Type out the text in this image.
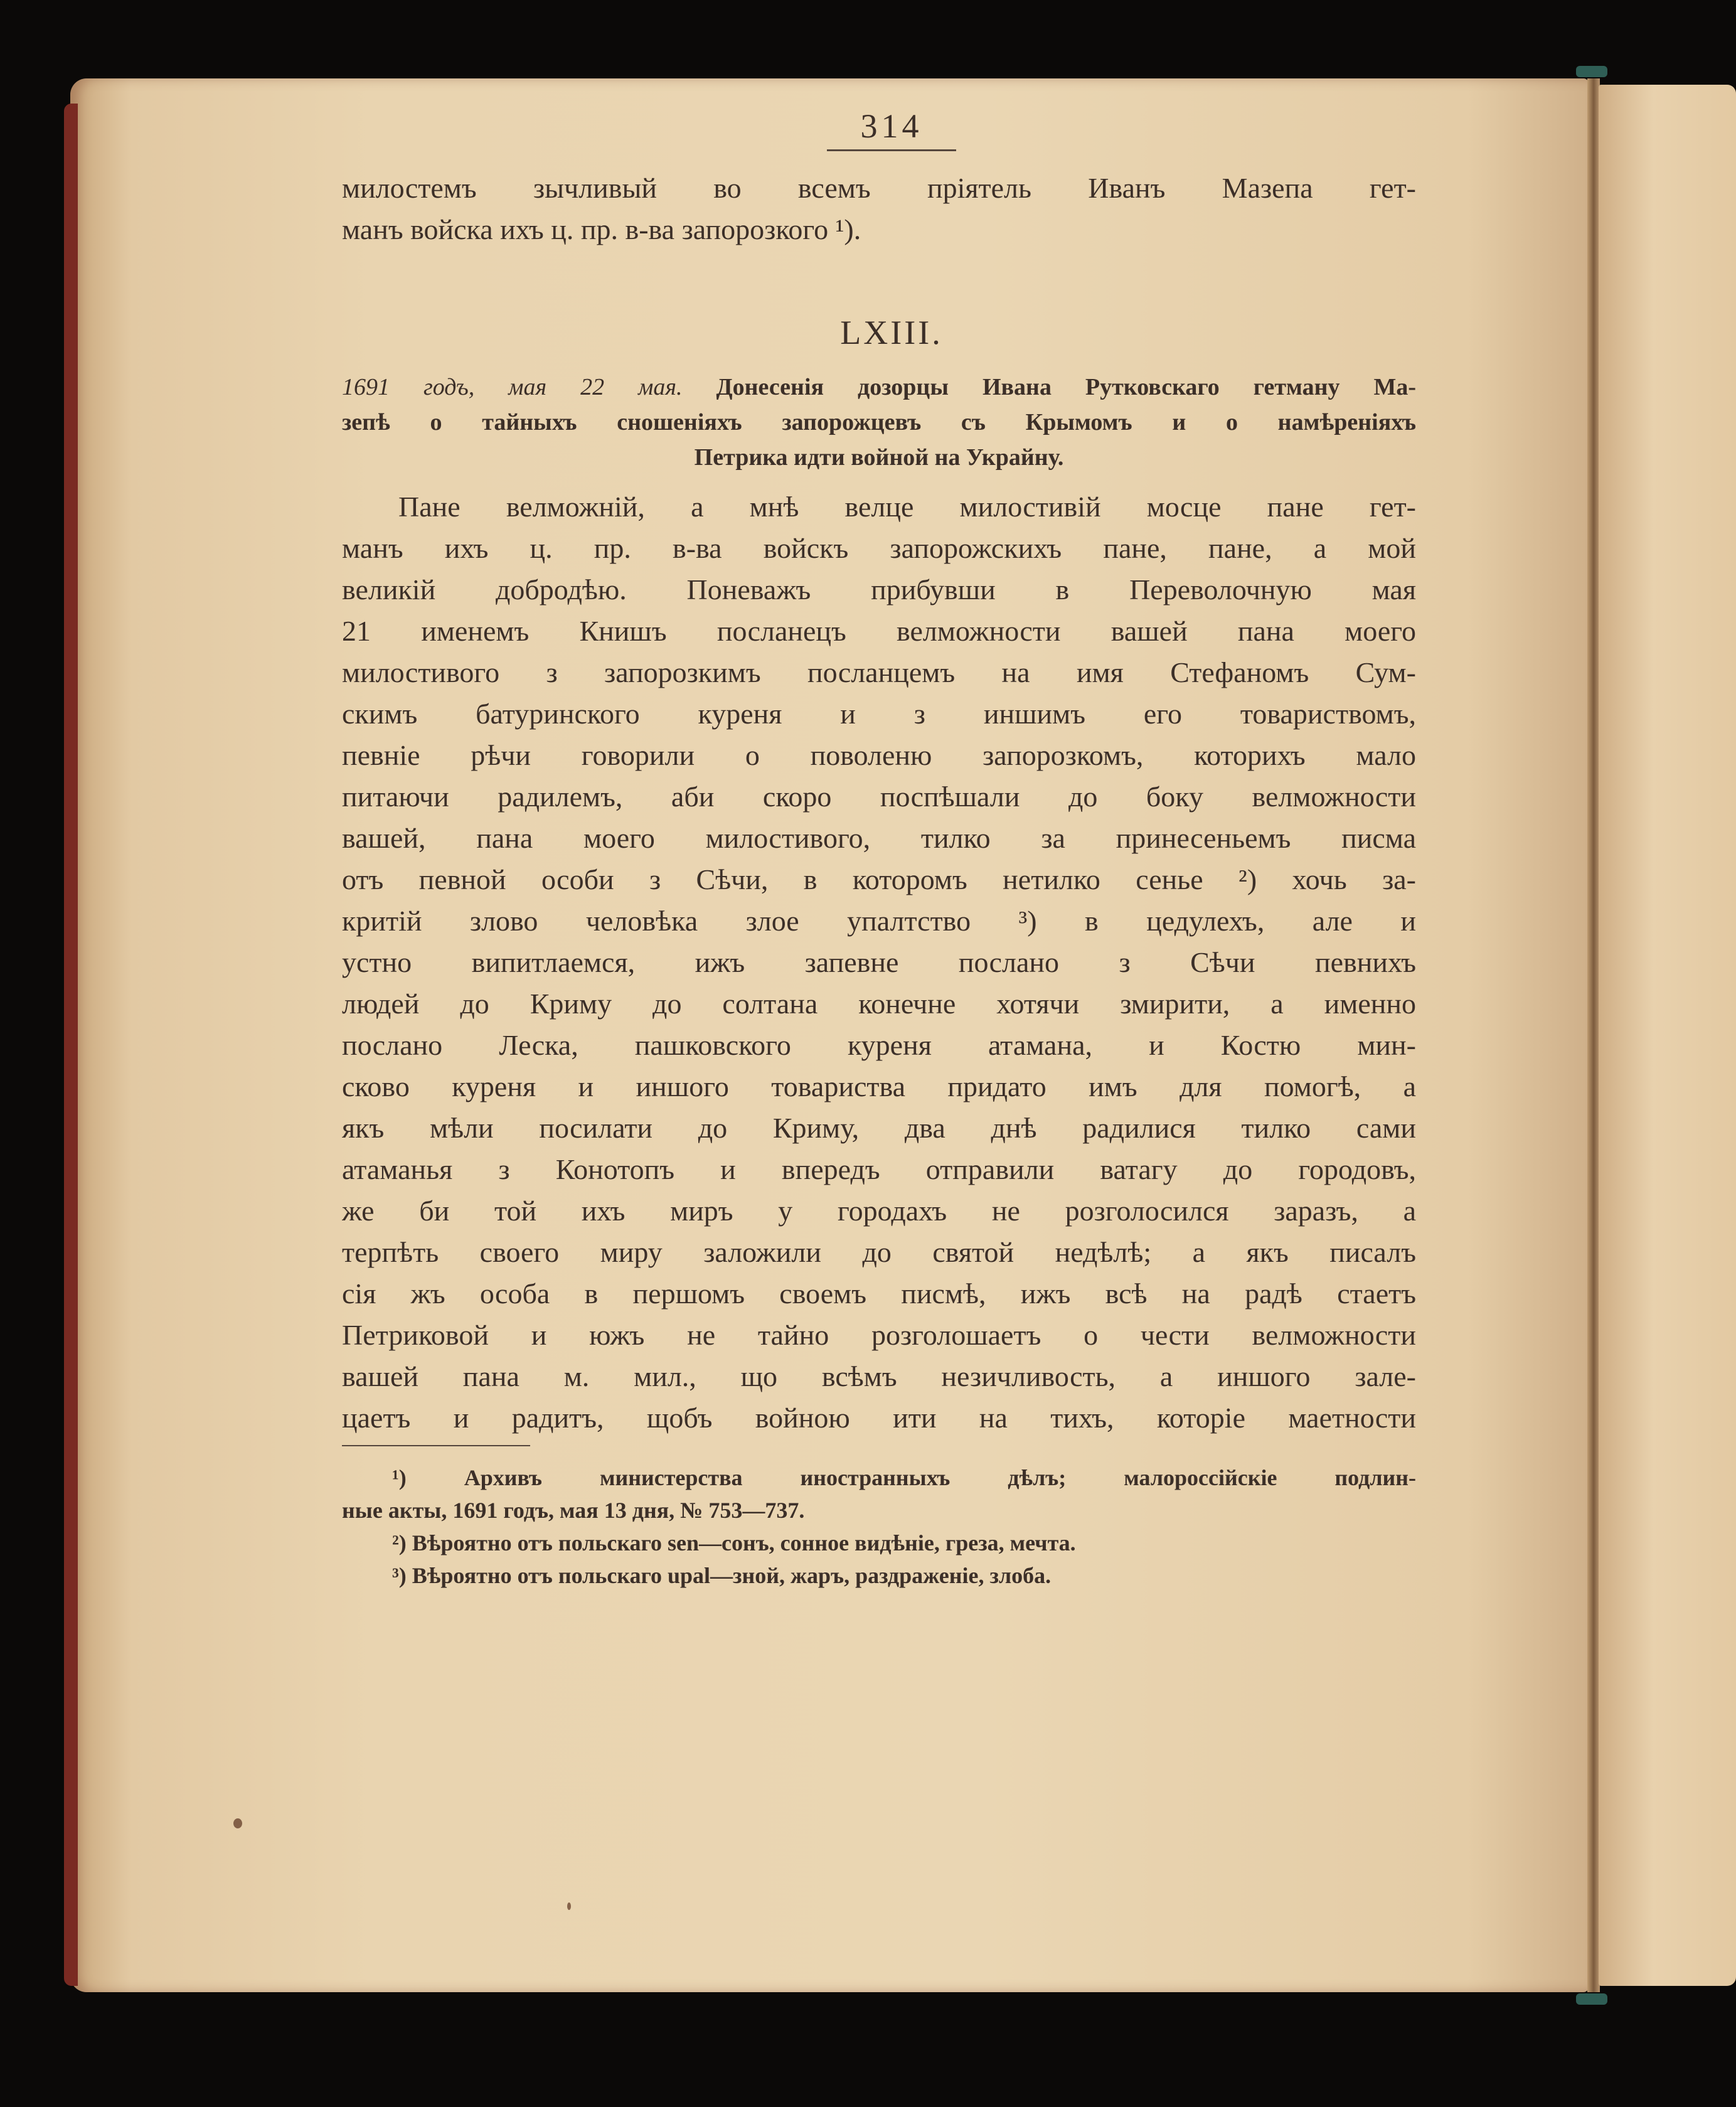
314
милостемъ зычливый во всемъ прiятель Иванъ Мазепа гет-
манъ войска ихъ ц. пр. в-ва запорозкого ¹).
LXIII.
1691 годъ, мая 22 мая. Донесенiя дозорцы Ивана Рутковскаго гетману Ма-
зепѣ о тайныхъ сношенiяхъ запорожцевъ съ Крымомъ и о намѣренiяхъ
Петрика идти войной на Украйну.
Пане велможнiй, а мнѣ велце милостивiй мосце пане гет-
манъ ихъ ц. пр. в-ва войскъ запорожскихъ пане, пане, а мой
великiй добродѣю. Поневажъ прибувши в Переволочную мая
21 именемъ Книшъ посланецъ велможности вашей пана моего
милостивого з запорозкимъ посланцемъ на имя Стефаномъ Сум-
скимъ батуринского куреня и з иншимъ его товариствомъ,
певнiе рѣчи говорили о поволеню запорозкомъ, которихъ мало
питаючи радилемъ, аби скоро поспѣшали до боку велможности
вашей, пана моего милостивого, тилко за принесеньемъ писма
отъ певной особи з Сѣчи, в которомъ нетилко сенье ²) хочь за-
критiй злово человѣка злое упалтство ³) в цедулехъ, але и
устно випитлаемся, ижъ запевне послано з Сѣчи певнихъ
людей до Криму до солтана конечне хотячи змирити, а именно
послано Леска, пашковского куреня атамана, и Костю мин-
сково куреня и иншого товариства придато имъ для помогѣ, а
якъ мѣли посилати до Криму, два днѣ радилися тилко сами
атаманья з Конотопъ и впередъ отправили ватагу до городовъ,
же би той ихъ миръ у городахъ не розголосился заразъ, а
терпѣть своего миру заложили до святой недѣлѣ; а якъ писалъ
сiя жъ особа в першомъ своемъ писмѣ, ижъ всѣ на радѣ стаетъ
Петриковой и южъ не тайно розголошаетъ о чести велможности
вашей пана м. мил., що всѣмъ незичливость, а иншого зале-
цаетъ и радитъ, щобъ войною ити на тихъ, которiе маетности
¹)	Архивъ министерства иностранныхъ дѣлъ; малороссiйскiе подлин-
ные акты, 1691 годъ, мая 13 дня, № 753—737.
²) Вѣроятно отъ польскаго sen—сонъ, сонное видѣнiе, греза, мечта.
³) Вѣроятно отъ польскаго upal—зной, жаръ, раздраженiе, злоба.
